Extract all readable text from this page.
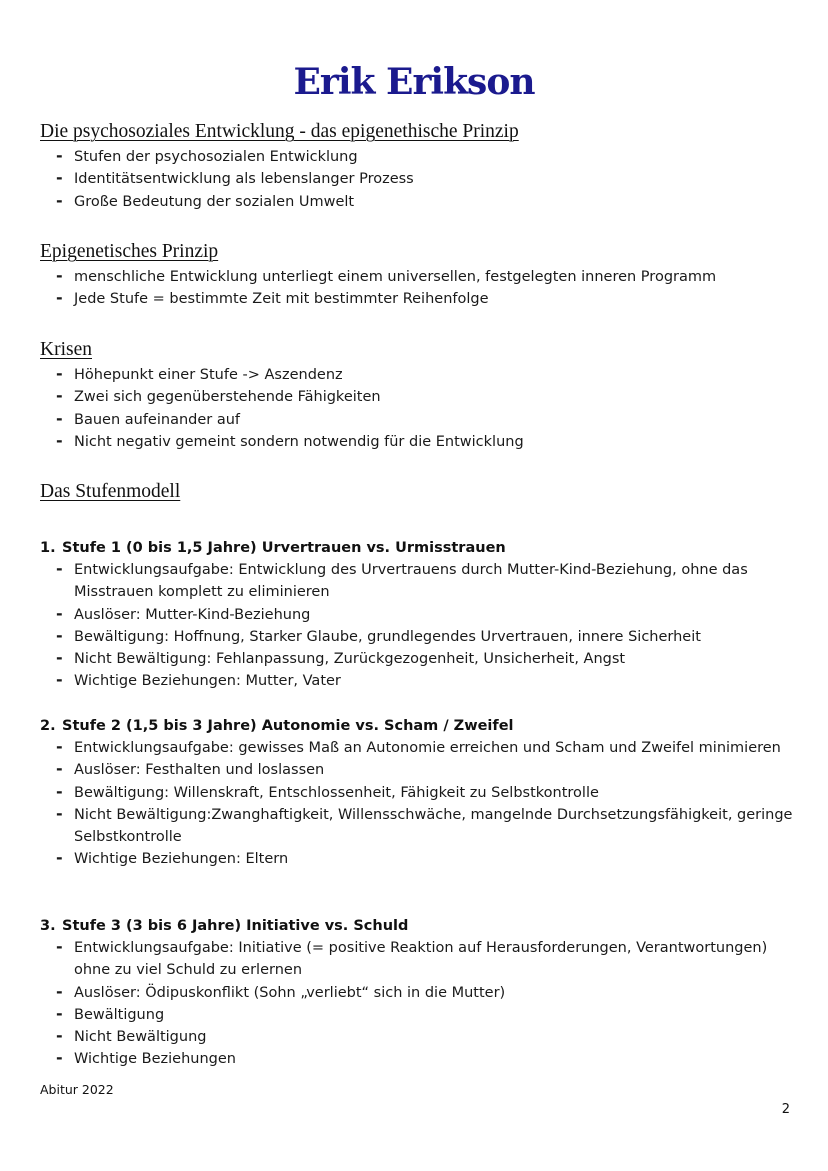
Erik Erikson
Die psychosoziales Entwicklung - das epigenethische Prinzip
- Stufen der psychosozialen Entwicklung
- Identitätsentwicklung als lebenslanger Prozess
- Große Bedeutung der sozialen Umwelt
Epigenetisches Prinzip
- menschliche Entwicklung unterliegt einem universellen, festgelegten inneren Programm
- Jede Stufe = bestimmte Zeit mit bestimmter Reihenfolge
Krisen
- Höhepunkt einer Stufe -> Aszendenz
- Zwei sich gegenüberstehende Fähigkeiten
- Bauen aufeinander auf
- Nicht negativ gemeint sondern notwendig für die Entwicklung
Das Stufenmodell
1. Stufe 1 (0 bis 1,5 Jahre) Urvertrauen vs. Urmisstrauen
- Entwicklungsaufgabe: Entwicklung des Urvertrauens durch Mutter-Kind-Beziehung, ohne das Misstrauen komplett zu eliminieren
- Auslöser: Mutter-Kind-Beziehung
- Bewältigung: Hoffnung, Starker Glaube, grundlegendes Urvertrauen, innere Sicherheit
- Nicht Bewältigung: Fehlanpassung, Zurückgezogenheit, Unsicherheit, Angst
- Wichtige Beziehungen: Mutter, Vater
2. Stufe 2 (1,5 bis 3 Jahre) Autonomie vs. Scham / Zweifel
- Entwicklungsaufgabe: gewisses Maß an Autonomie erreichen und Scham und Zweifel minimieren
- Auslöser: Festhalten und loslassen
- Bewältigung: Willenskraft, Entschlossenheit, Fähigkeit zu Selbstkontrolle
- Nicht Bewältigung:Zwanghaftigkeit, Willensschwäche, mangelnde Durchsetzungsfähigkeit, geringe Selbstkontrolle
- Wichtige Beziehungen: Eltern
3. Stufe 3 (3 bis 6 Jahre) Initiative vs. Schuld
- Entwicklungsaufgabe: Initiative (= positive Reaktion auf Herausforderungen, Verantwortungen) ohne zu viel Schuld zu erlernen
- Auslöser: Ödipuskonflikt (Sohn „verliebt“ sich in die Mutter)
- Bewältigung
- Nicht Bewältigung
- Wichtige Beziehungen

Abitur 2022

2
